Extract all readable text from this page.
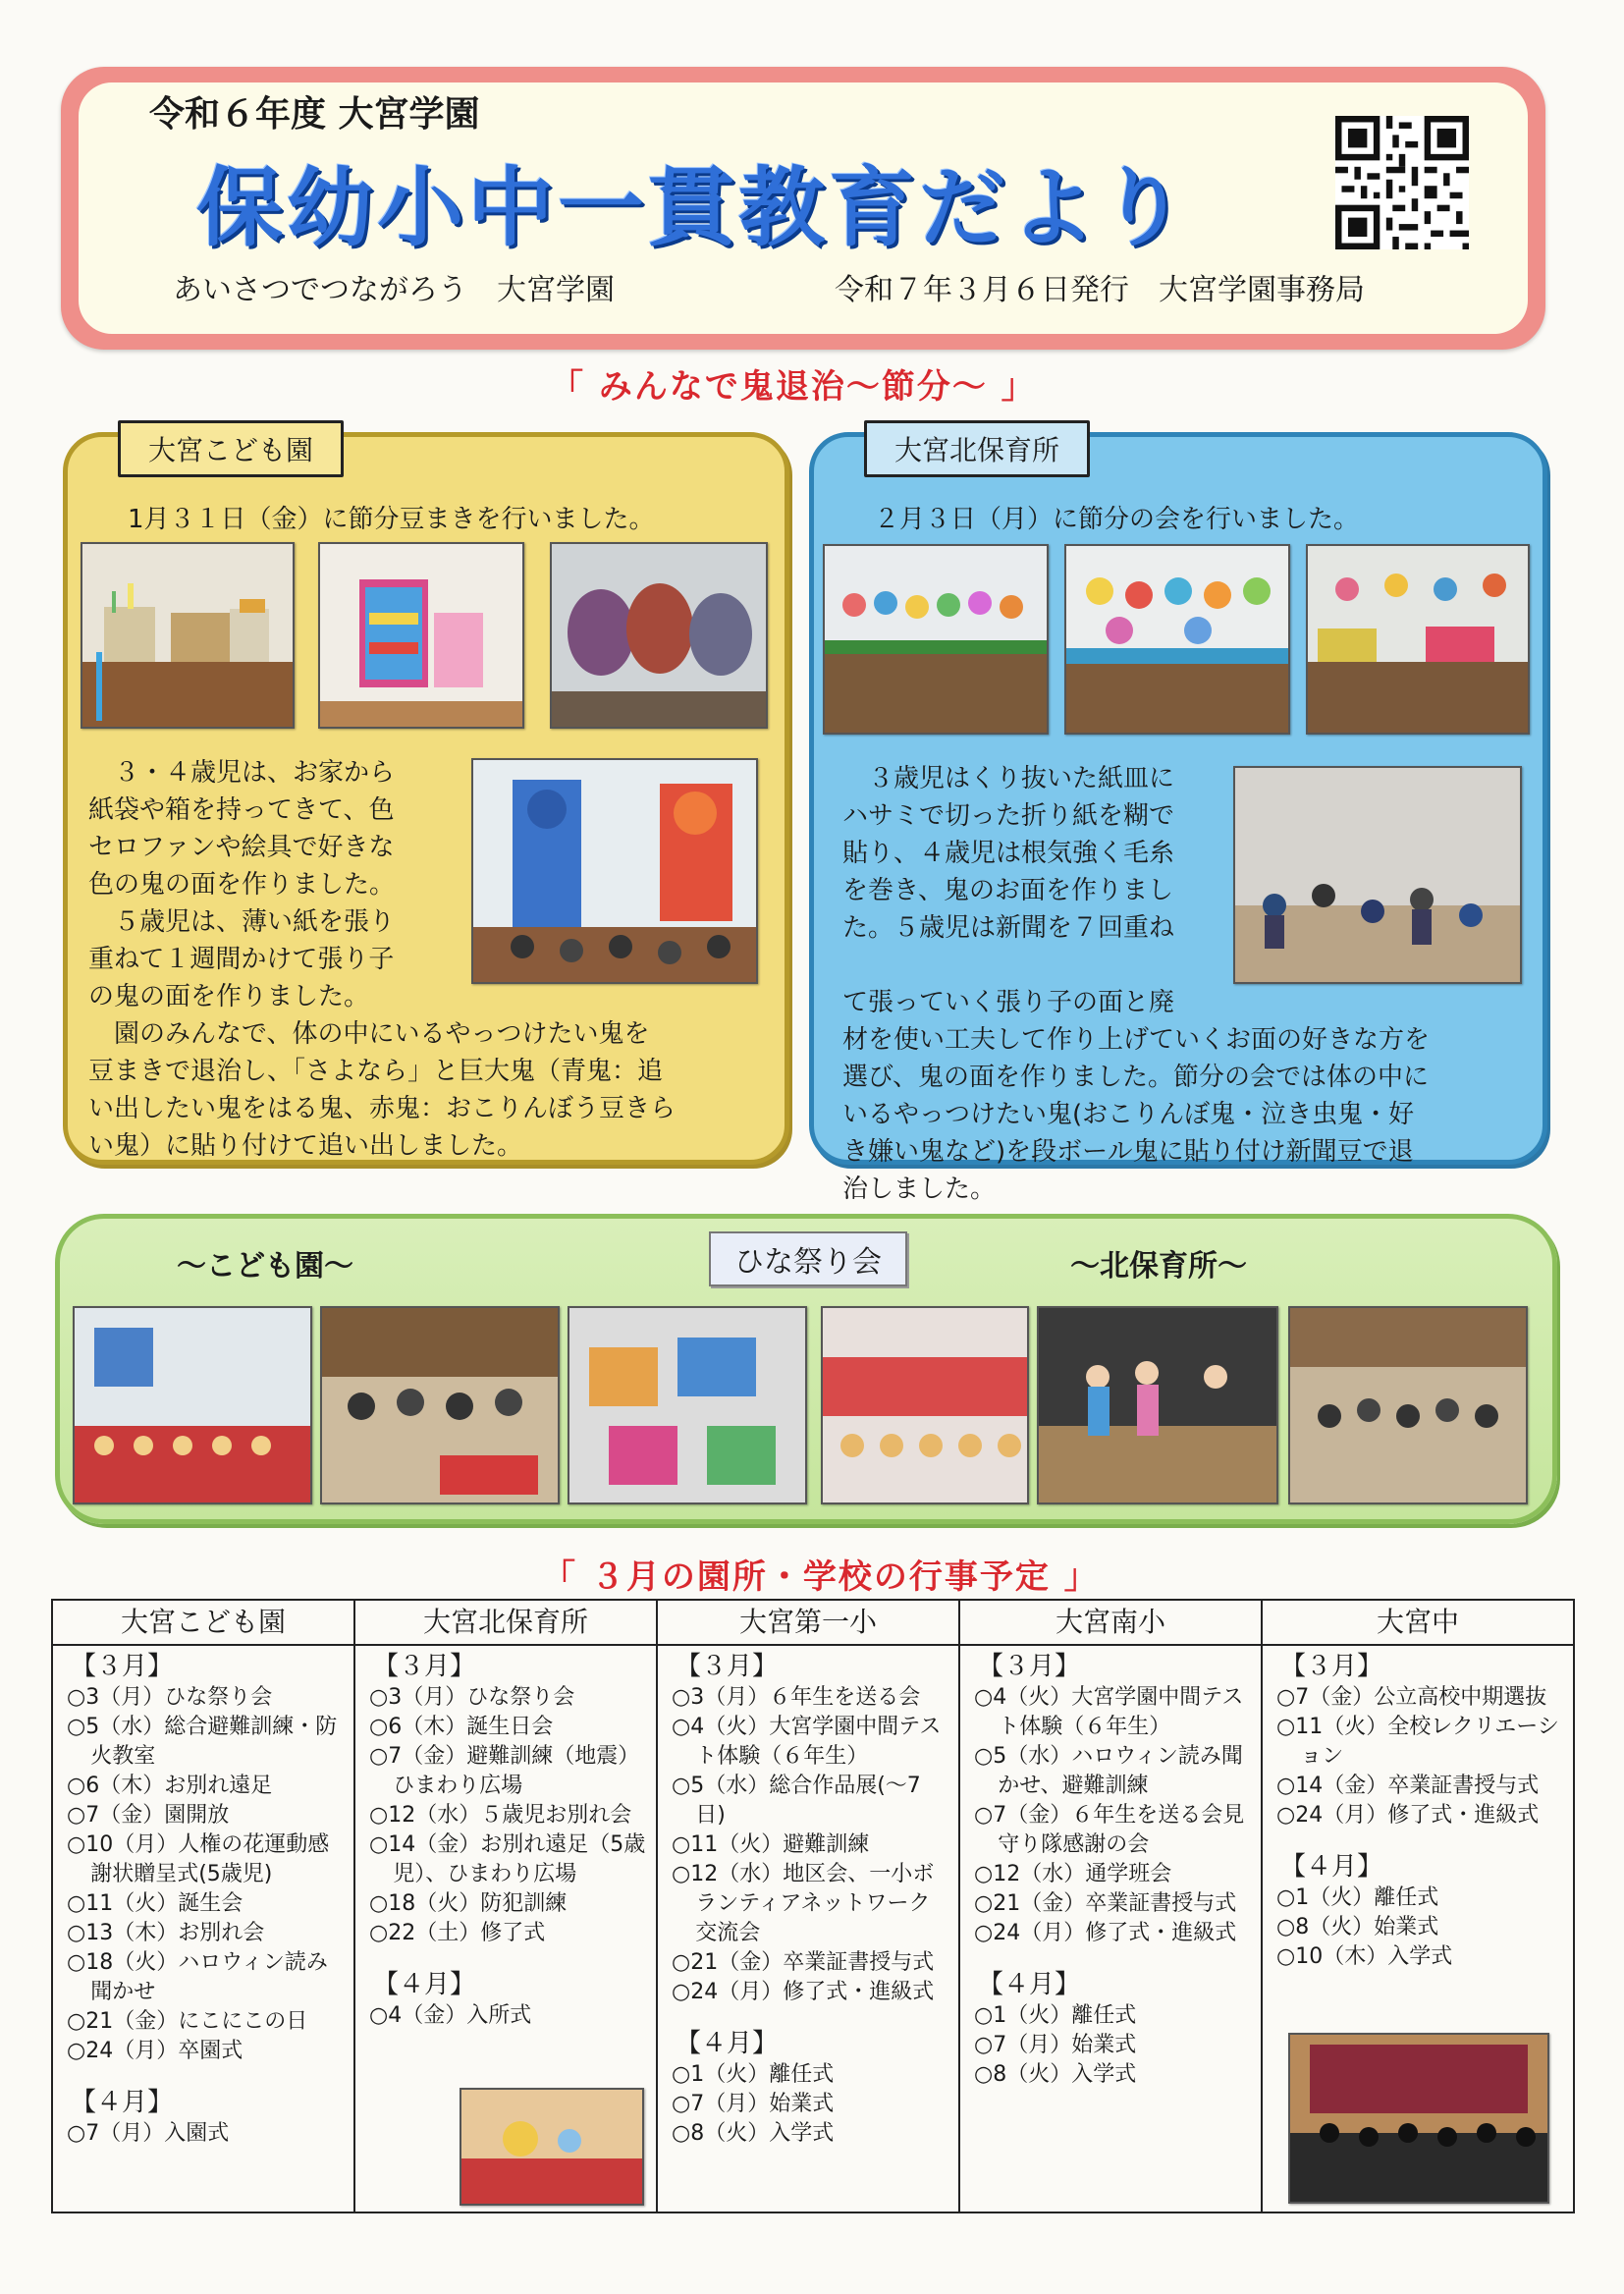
令和６年度 大宮学園
保幼小中一貫教育だより
あいさつでつながろう　大宮学園	令和７年３月６日発行　大宮学園事務局
「 みんなで鬼退治～節分～ 」
大宮こども園
1月３１日（金）に節分豆まきを行いました。
　３・４歳児は、お家から
紙袋や箱を持ってきて、色
セロファンや絵具で好きな
色の鬼の面を作りました。
　５歳児は、薄い紙を張り
重ねて１週間かけて張り子
の鬼の面を作りました。
　園のみんなで、体の中にいるやっつけたい鬼を
豆まきで退治し、「さよなら」と巨大鬼（青鬼：追
い出したい鬼をはる鬼、赤鬼：おこりんぼう豆きら
い鬼）に貼り付けて追い出しました。
大宮北保育所
２月３日（月）に節分の会を行いました。
　３歳児はくり抜いた紙皿に
ハサミで切った折り紙を糊で
貼り、４歳児は根気強く毛糸
を巻き、鬼のお面を作りまし
た。５歳児は新聞を７回重ね
て張っていく張り子の面と廃
材を使い工夫して作り上げていくお面の好きな方を
選び、鬼の面を作りました。節分の会では体の中に
いるやっつけたい鬼(おこりんぼ鬼・泣き虫鬼・好
き嫌い鬼など)を段ボール鬼に貼り付け新聞豆で退
治しました。
ひな祭り会
～こども園～	～北保育所～
「 ３月の園所・学校の行事予定 」
大宮こども園
【３月】
○3（月）ひな祭り会
○5（水）総合避難訓練・防火教室
○6（木）お別れ遠足
○7（金）園開放
○10（月）人権の花運動感謝状贈呈式(5歳児)
○11（火）誕生会
○13（木）お別れ会
○18（火）ハロウィン読み聞かせ
○21（金）にこにこの日
○24（月）卒園式
【４月】
○7（月）入園式
大宮北保育所
【３月】
○3（月）ひな祭り会
○6（木）誕生日会
○7（金）避難訓練（地震）ひまわり広場
○12（水）５歳児お別れ会
○14（金）お別れ遠足（5歳児）、ひまわり広場
○18（火）防犯訓練
○22（土）修了式
【４月】
○4（金）入所式
大宮第一小
【３月】
○3（月）６年生を送る会
○4（火）大宮学園中間テスト体験（６年生）
○5（水）総合作品展(～7日)
○11（火）避難訓練
○12（水）地区会、一小ボランティアネットワーク交流会
○21（金）卒業証書授与式
○24（月）修了式・進級式
【４月】
○1（火）離任式
○7（月）始業式
○8（火）入学式
大宮南小
【３月】
○4（火）大宮学園中間テスト体験（６年生）
○5（水）ハロウィン読み聞かせ、避難訓練
○7（金）６年生を送る会見守り隊感謝の会
○12（水）通学班会
○21（金）卒業証書授与式
○24（月）修了式・進級式
【４月】
○1（火）離任式
○7（月）始業式
○8（火）入学式
大宮中
【３月】
○7（金）公立高校中期選抜
○11（火）全校レクリエーション
○14（金）卒業証書授与式
○24（月）修了式・進級式
【４月】
○1（火）離任式
○8（火）始業式
○10（木）入学式
